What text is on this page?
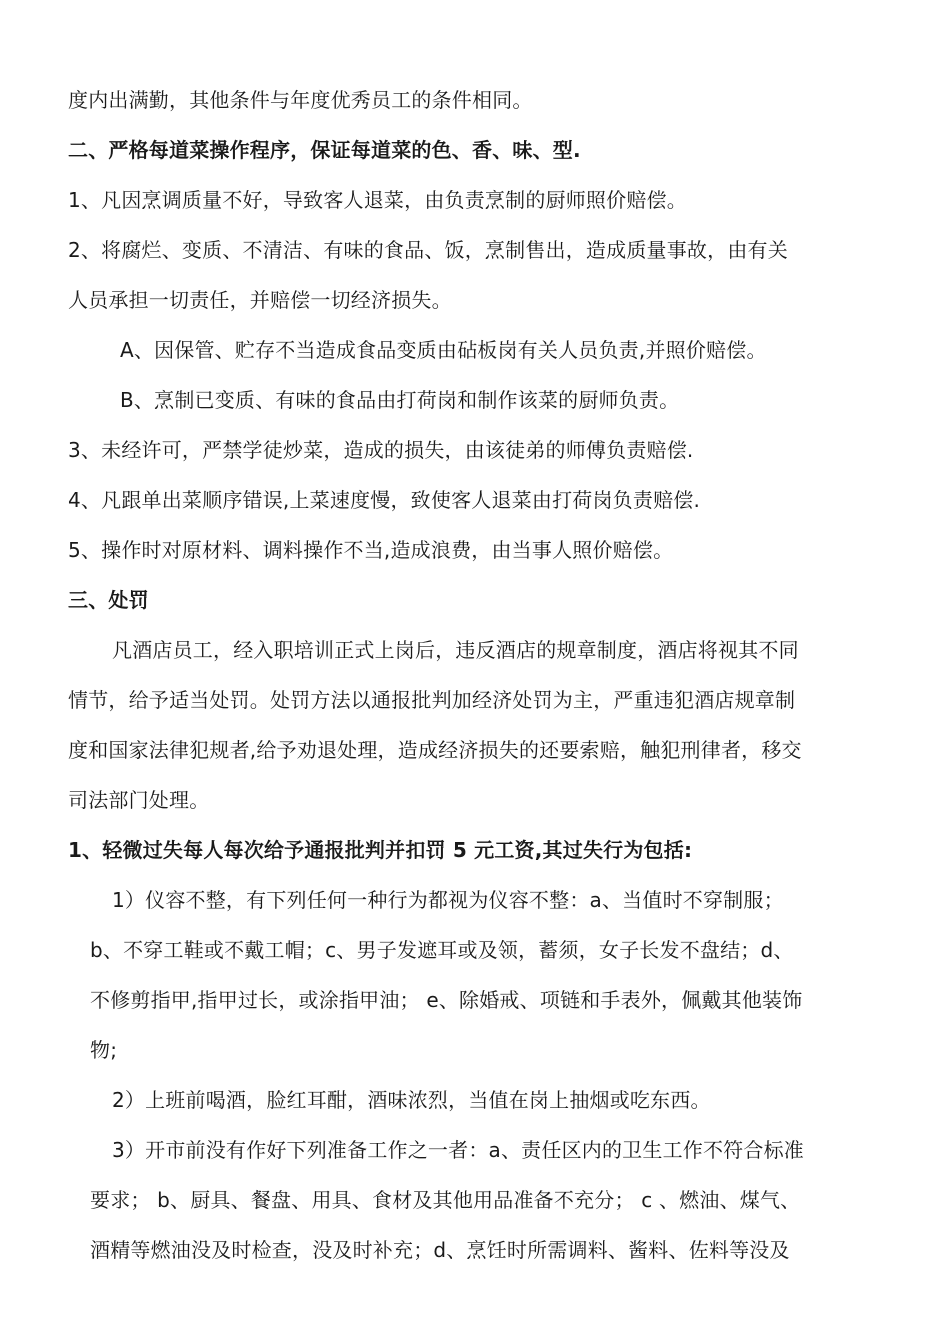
度内出满勤，其他条件与年度优秀员工的条件相同。
二、严格每道菜操作程序，保证每道菜的色、香、味、型.
1、凡因烹调质量不好，导致客人退菜，由负责烹制的厨师照价赔偿。
2、将腐烂、变质、不清洁、有味的食品、饭，烹制售出，造成质量事故，由有关
人员承担一切责任，并赔偿一切经济损失。
A、因保管、贮存不当造成食品变质由砧板岗有关人员负责,并照价赔偿。
B、烹制已变质、有味的食品由打荷岗和制作该菜的厨师负责。
3、未经许可，严禁学徒炒菜，造成的损失，由该徒弟的师傅负责赔偿.
4、凡跟单出菜顺序错误,上菜速度慢，致使客人退菜由打荷岗负责赔偿.
5、操作时对原材料、调料操作不当,造成浪费，由当事人照价赔偿。
三、处罚
凡酒店员工，经入职培训正式上岗后，违反酒店的规章制度，酒店将视其不同
情节，给予适当处罚。处罚方法以通报批判加经济处罚为主，严重违犯酒店规章制
度和国家法律犯规者,给予劝退处理，造成经济损失的还要索赔，触犯刑律者，移交
司法部门处理。
1、轻微过失每人每次给予通报批判并扣罚 5 元工资,其过失行为包括:
1）仪容不整，有下列任何一种行为都视为仪容不整：a、当值时不穿制服；
b、不穿工鞋或不戴工帽；c、男子发遮耳或及领，蓄须，女子长发不盘结；d、
不修剪指甲,指甲过长，或涂指甲油； e、除婚戒、项链和手表外，佩戴其他装饰
物;
2）上班前喝酒，脸红耳酣，酒味浓烈，当值在岗上抽烟或吃东西。
3）开市前没有作好下列准备工作之一者：a、责任区内的卫生工作不符合标准
要求； b、厨具、餐盘、用具、食材及其他用品准备不充分； c 、燃油、煤气、
酒精等燃油没及时检查，没及时补充；d、烹饪时所需调料、酱料、佐料等没及
